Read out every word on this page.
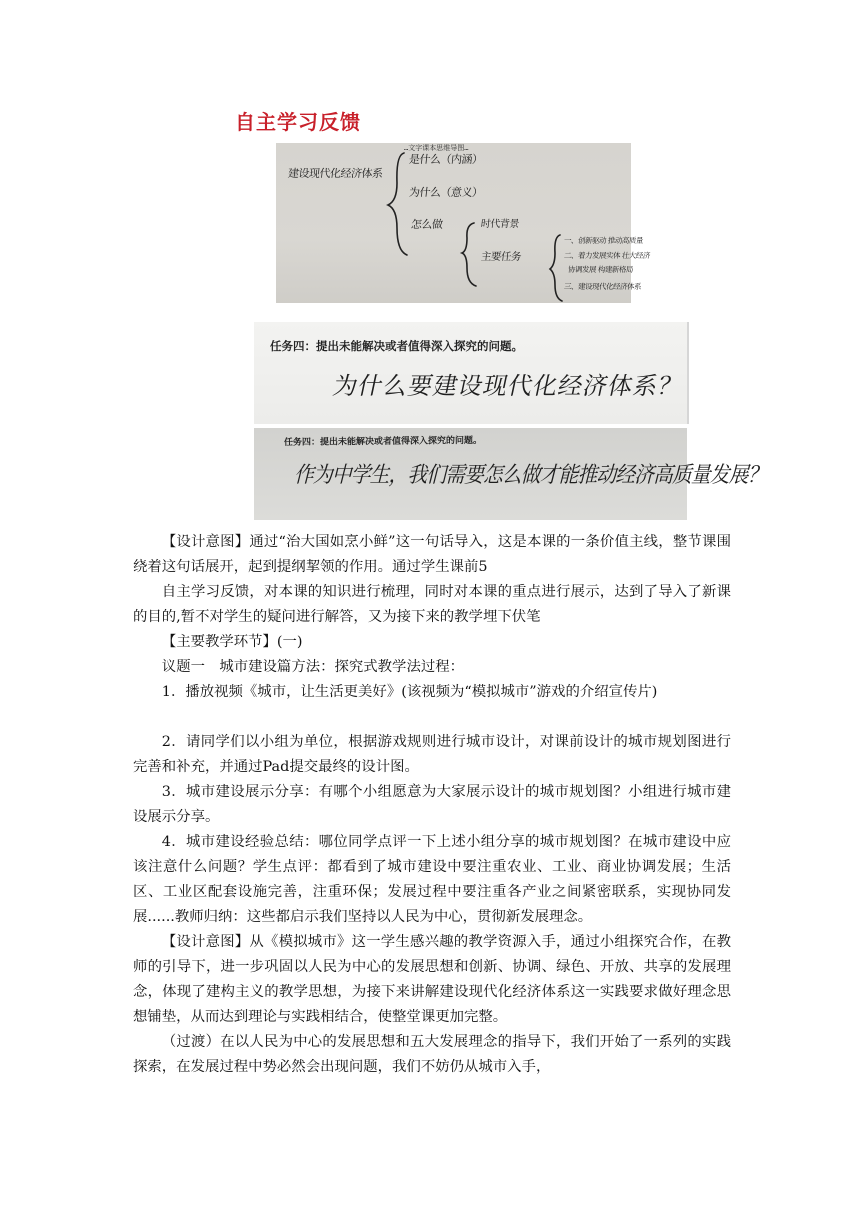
自主学习反馈
…文字课本思维导图…
建设现代化经济体系
是什么（内涵）
为什么（意义）
怎么做	时代背景
主要任务
一、创新驱动 推动高质量
二、着力发展实体 壮大经济
协调发展 构建新格局
三、建设现代化经济体系
任务四：提出未能解决或者值得深入探究的问题。
为什么要建设现代化经济体系？
任务四：提出未能解决或者值得深入探究的问题。
作为中学生，我们需要怎么做才能推动经济高质量发展？

【设计意图】通过“治大国如烹小鲜”这一句话导入，这是本课的一条价值主线，整节课围绕着这句话展开，起到提纲挈领的作用。通过学生课前5

自主学习反馈，对本课的知识进行梳理，同时对本课的重点进行展示，达到了导入了新课的目的,暂不对学生的疑问进行解答，又为接下来的教学埋下伏笔

【主要教学环节】(一)

议题一　城市建设篇方法：探究式教学法过程：

1．播放视频《城市，让生活更美好》(该视频为“模拟城市”游戏的介绍宣传片)

2．请同学们以小组为单位，根据游戏规则进行城市设计，对课前设计的城市规划图进行完善和补充，并通过Pad提交最终的设计图。

3．城市建设展示分享：有哪个小组愿意为大家展示设计的城市规划图？小组进行城市建设展示分享。

4．城市建设经验总结：哪位同学点评一下上述小组分享的城市规划图？在城市建设中应该注意什么问题？学生点评：都看到了城市建设中要注重农业、工业、商业协调发展；生活区、工业区配套设施完善，注重环保；发展过程中要注重各产业之间紧密联系，实现协同发展......教师归纳：这些都启示我们坚持以人民为中心，贯彻新发展理念。

【设计意图】从《模拟城市》这一学生感兴趣的教学资源入手，通过小组探究合作，在教师的引导下，进一步巩固以人民为中心的发展思想和创新、协调、绿色、开放、共享的发展理念，体现了建构主义的教学思想，为接下来讲解建设现代化经济体系这一实践要求做好理念思想铺垫，从而达到理论与实践相结合，使整堂课更加完整。

（过渡）在以人民为中心的发展思想和五大发展理念的指导下，我们开始了一系列的实践探索，在发展过程中势必然会出现问题，我们不妨仍从城市入手，
